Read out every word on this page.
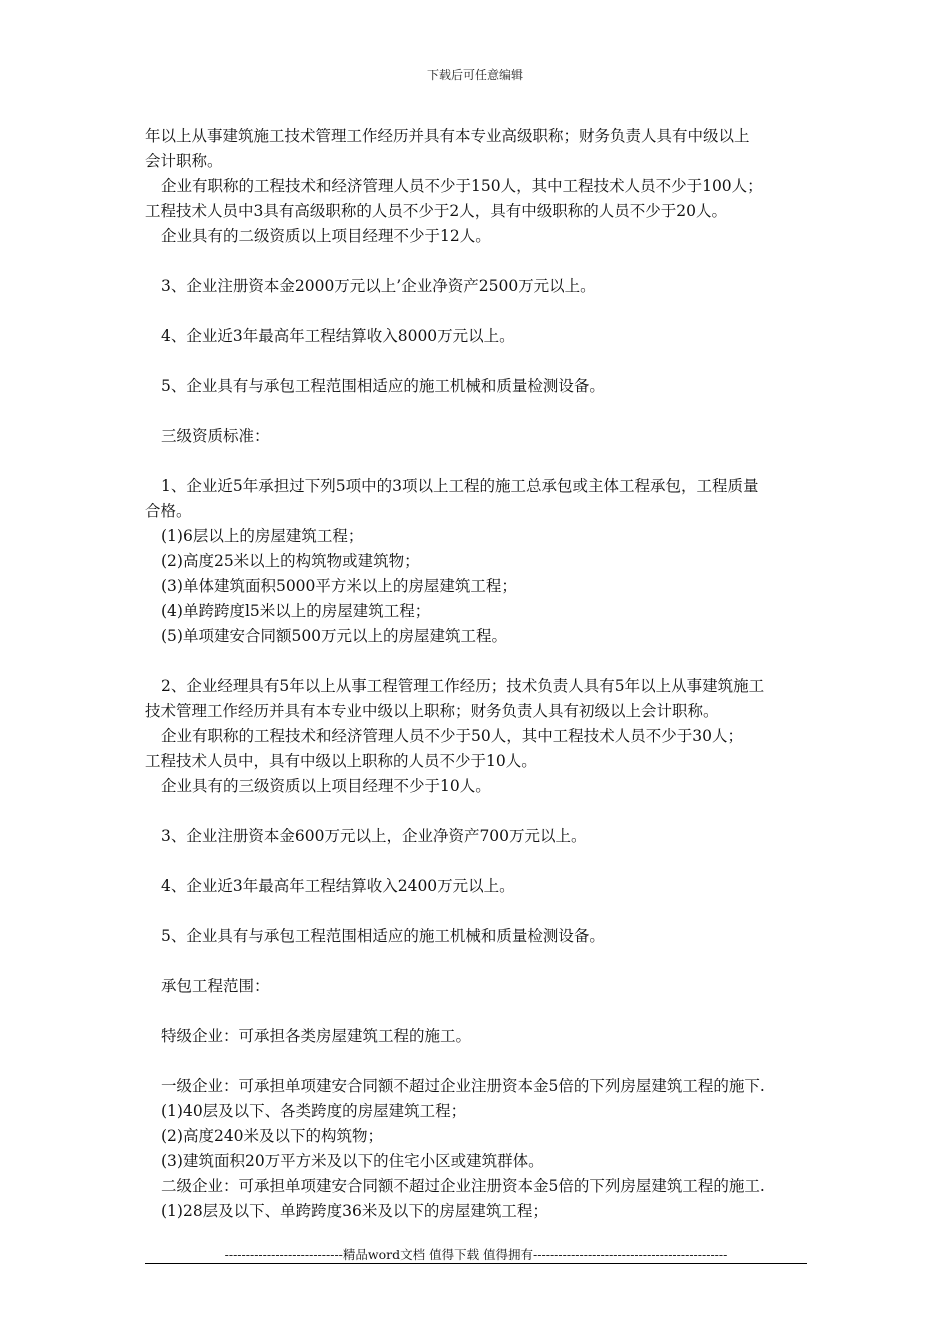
下载后可任意编辑
年以上从事建筑施工技术管理工作经历并具有本专业高级职称；财务负责人具有中级以上
会计职称。
企业有职称的工程技术和经济管理人员不少于150人，其中工程技术人员不少于100人；
工程技术人员中3具有高级职称的人员不少于2人，具有中级职称的人员不少于20人。
企业具有的二级资质以上项目经理不少于12人。
3、企业注册资本金2000万元以上’企业净资产2500万元以上。
4、企业近3年最高年工程结算收入8000万元以上。
5、企业具有与承包工程范围相适应的施工机械和质量检测设备。
三级资质标准：
1、企业近5年承担过下列5项中的3项以上工程的施工总承包或主体工程承包，工程质量
合格。
(1)6层以上的房屋建筑工程；
(2)高度25米以上的构筑物或建筑物；
(3)单体建筑面积5000平方米以上的房屋建筑工程；
(4)单跨跨度l5米以上的房屋建筑工程；
(5)单项建安合同额500万元以上的房屋建筑工程。
2、企业经理具有5年以上从事工程管理工作经历；技术负责人具有5年以上从事建筑施工
技术管理工作经历并具有本专业中级以上职称；财务负责人具有初级以上会计职称。
企业有职称的工程技术和经济管理人员不少于50人，其中工程技术人员不少于30人；
工程技术人员中，具有中级以上职称的人员不少于10人。
企业具有的三级资质以上项目经理不少于10人。
3、企业注册资本金600万元以上，企业净资产700万元以上。
4、企业近3年最高年工程结算收入2400万元以上。
5、企业具有与承包工程范围相适应的施工机械和质量检测设备。
承包工程范围：
特级企业：可承担各类房屋建筑工程的施工。
一级企业：可承担单项建安合同额不超过企业注册资本金5倍的下列房屋建筑工程的施下.
(1)40层及以下、各类跨度的房屋建筑工程；
(2)高度240米及以下的构筑物；
(3)建筑面积20万平方米及以下的住宅小区或建筑群体。
二级企业：可承担单项建安合同额不超过企业注册资本金5倍的下列房屋建筑工程的施工.
(1)28层及以下、单跨跨度36米及以下的房屋建筑工程；
----------------------------精品word文档 值得下载 值得拥有----------------------------------------------
